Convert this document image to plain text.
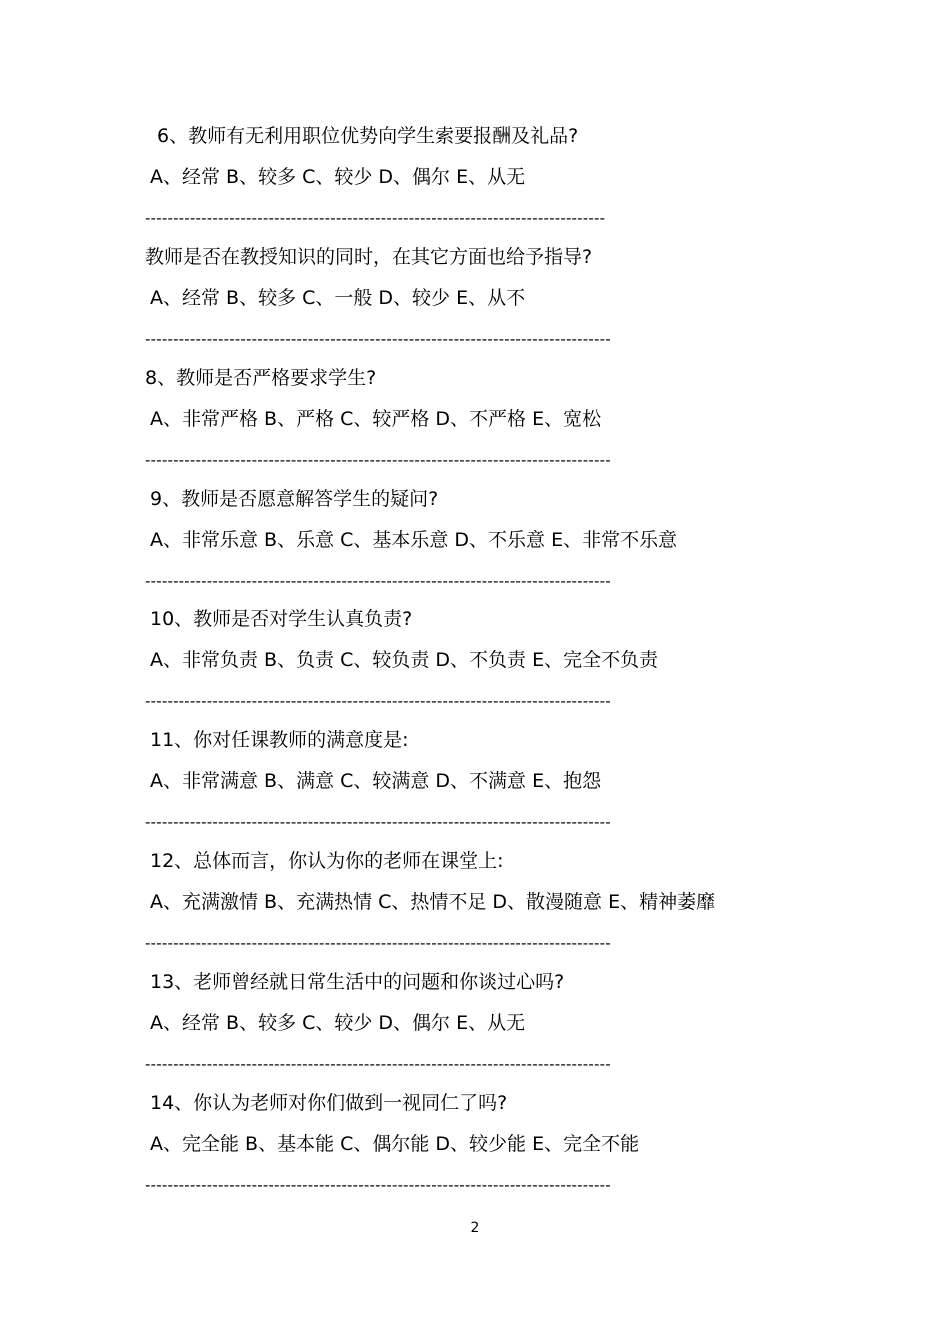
6、教师有无利用职位优势向学生索要报酬及礼品?
A、经常 B、较多 C、较少 D、偶尔 E、从无
----------------------------------------------------------------------------------
教师是否在教授知识的同时，在其它方面也给予指导?
A、经常 B、较多 C、一般 D、较少 E、从不
-----------------------------------------------------------------------------------
8、教师是否严格要求学生?
A、非常严格 B、严格 C、较严格 D、不严格 E、宽松
-----------------------------------------------------------------------------------
9、教师是否愿意解答学生的疑问?
A、非常乐意 B、乐意 C、基本乐意 D、不乐意 E、非常不乐意
-----------------------------------------------------------------------------------
10、教师是否对学生认真负责?
A、非常负责 B、负责 C、较负责 D、不负责 E、完全不负责
-----------------------------------------------------------------------------------
11、你对任课教师的满意度是:
A、非常满意 B、满意 C、较满意 D、不满意 E、抱怨
-----------------------------------------------------------------------------------
12、总体而言，你认为你的老师在课堂上:
A、充满激情 B、充满热情 C、热情不足 D、散漫随意 E、精神萎靡
-----------------------------------------------------------------------------------
13、老师曾经就日常生活中的问题和你谈过心吗?
A、经常 B、较多 C、较少 D、偶尔 E、从无
-----------------------------------------------------------------------------------
14、你认为老师对你们做到一视同仁了吗?
A、完全能 B、基本能 C、偶尔能 D、较少能 E、完全不能
-----------------------------------------------------------------------------------
2
